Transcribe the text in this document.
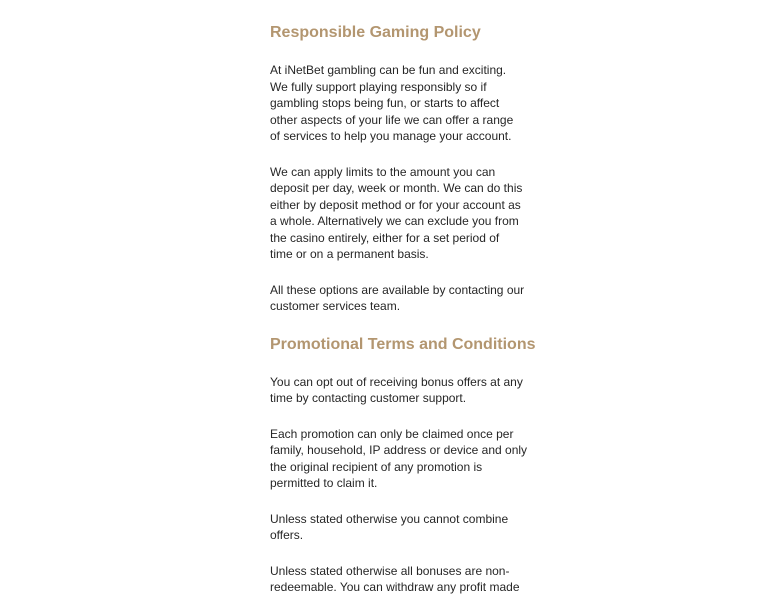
Responsible Gaming Policy

At iNetBet gambling can be fun and exciting.

We fully support playing responsibly so if

gambling stops being fun, or starts to affect

other aspects of your life we can offer a range

of services to help you manage your account.

We can apply limits to the amount you can

deposit per day, week or month. We can do this

either by deposit method or for your account as

a whole. Alternatively we can exclude you from

the casino entirely, either for a set period of

time or on a permanent basis.

All these options are available by contacting our

customer services team.

Promotional Terms and Conditions

You can opt out of receiving bonus offers at any

time by contacting customer support.

Each promotion can only be claimed once per

family, household, IP address or device and only

the original recipient of any promotion is

permitted to claim it.

Unless stated otherwise you cannot combine

offers.

Unless stated otherwise all bonuses are non-

redeemable. You can withdraw any profit made
